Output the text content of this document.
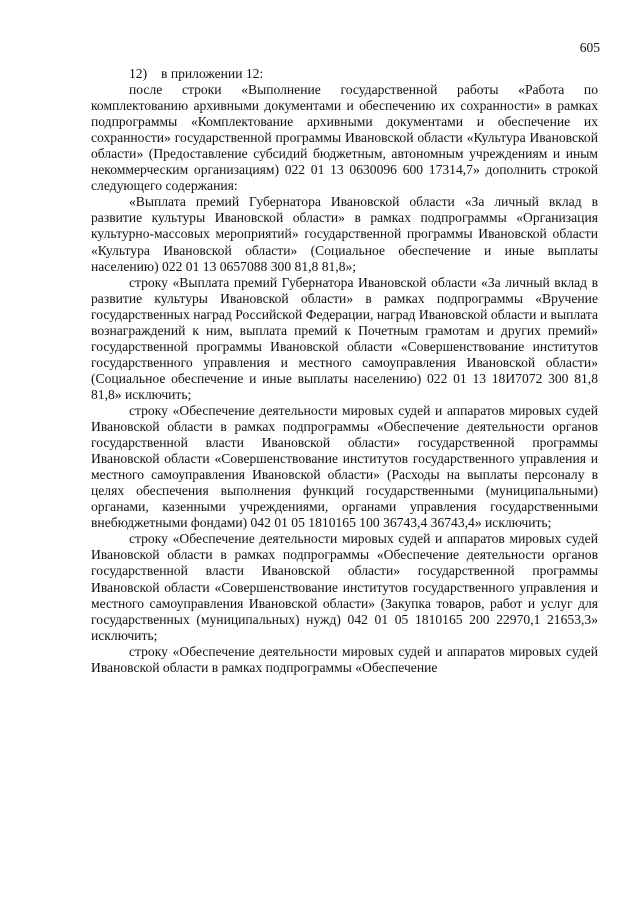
605

12) в приложении 12:

после строки «Выполнение государственной работы «Работа по комплектованию архивными документами и обеспечению их сохранности» в рамках подпрограммы «Комплектование архивными документами и обеспечение их сохранности» государственной программы Ивановской области «Культура Ивановской области» (Предоставление субсидий бюджетным, автономным учреждениям и иным некоммерческим организациям) 022 01 13 0630096 600 17314,7» дополнить строкой следующего содержания:

«Выплата премий Губернатора Ивановской области «За личный вклад в развитие культуры Ивановской области» в рамках подпрограммы «Организация культурно-массовых мероприятий» государственной программы Ивановской области «Культура Ивановской области» (Социальное обеспечение и иные выплаты населению) 022 01 13 0657088 300 81,8 81,8»;

строку «Выплата премий Губернатора Ивановской области «За личный вклад в развитие культуры Ивановской области» в рамках подпрограммы «Вручение государственных наград Российской Федерации, наград Ивановской области и выплата вознаграждений к ним, выплата премий к Почетным грамотам и других премий» государственной программы Ивановской области «Совершенствование институтов государственного управления и местного самоуправления Ивановской области» (Социальное обеспечение и иные выплаты населению) 022 01 13 18И7072 300 81,8 81,8» исключить;

строку «Обеспечение деятельности мировых судей и аппаратов мировых судей Ивановской области в рамках подпрограммы «Обеспечение деятельности органов государственной власти Ивановской области» государственной программы Ивановской области «Совершенствование институтов государственного управления и местного самоуправления Ивановской области» (Расходы на выплаты персоналу в целях обеспечения выполнения функций государственными (муниципальными) органами, казенными учреждениями, органами управления государственными внебюджетными фондами) 042 01 05 1810165 100 36743,4 36743,4» исключить;

строку «Обеспечение деятельности мировых судей и аппаратов мировых судей Ивановской области в рамках подпрограммы «Обеспечение деятельности органов государственной власти Ивановской области» государственной программы Ивановской области «Совершенствование институтов государственного управления и местного самоуправления Ивановской области» (Закупка товаров, работ и услуг для государственных (муниципальных) нужд) 042 01 05 1810165 200 22970,1 21653,3» исключить;

строку «Обеспечение деятельности мировых судей и аппаратов мировых судей Ивановской области в рамках подпрограммы «Обеспечение
